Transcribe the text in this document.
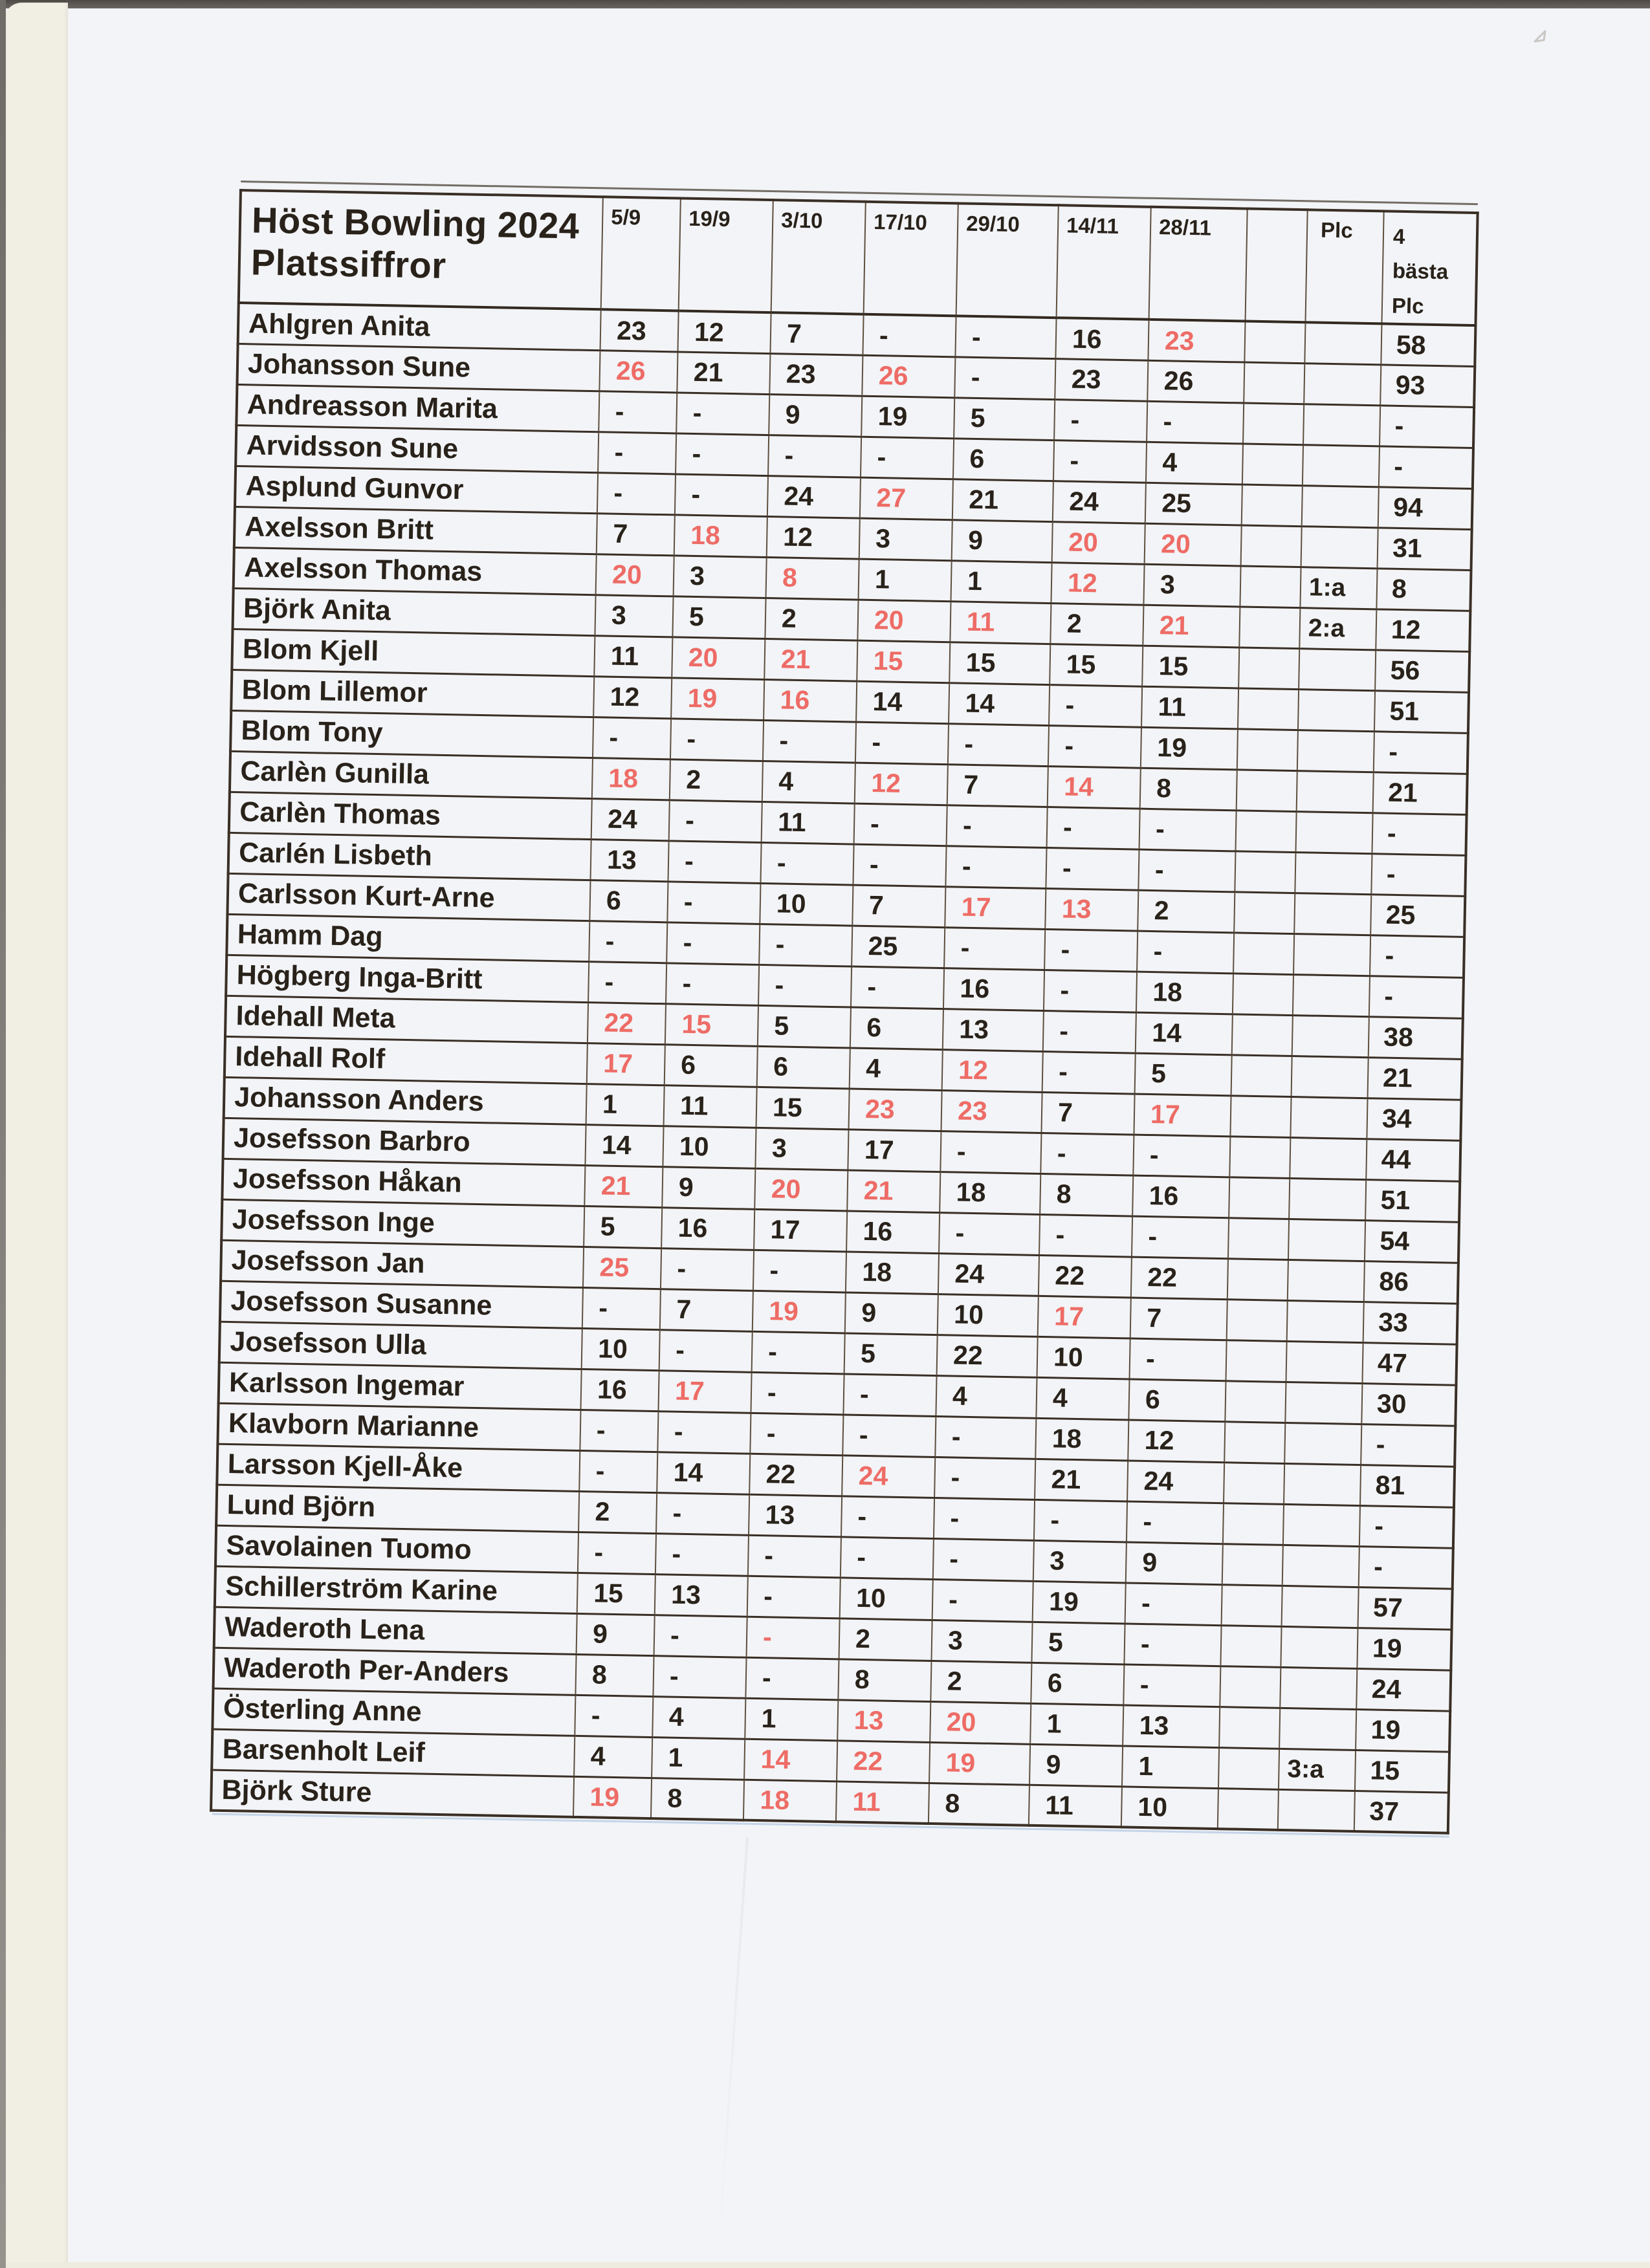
Höst Bowling 2024
Platssiffror
	5/9	19/9	3/10	17/10	29/10	14/11	28/11		Plc	4
bästa
Plc
Ahlgren Anita	23	12	7	-	-	16	23			58
Johansson Sune	26	21	23	26	-	23	26			93
Andreasson Marita	-	-	9	19	5	-	-			-
Arvidsson Sune	-	-	-	-	6	-	4			-
Asplund Gunvor	-	-	24	27	21	24	25			94
Axelsson Britt	7	18	12	3	9	20	20			31
Axelsson Thomas	20	3	8	1	1	12	3		1:a	8
Björk Anita	3	5	2	20	11	2	21		2:a	12
Blom Kjell	11	20	21	15	15	15	15			56
Blom Lillemor	12	19	16	14	14	-	11			51
Blom Tony	-	-	-	-	-	-	19			-
Carlèn Gunilla	18	2	4	12	7	14	8			21
Carlèn Thomas	24	-	11	-	-	-	-			-
Carlén Lisbeth	13	-	-	-	-	-	-			-
Carlsson Kurt-Arne	6	-	10	7	17	13	2			25
Hamm Dag	-	-	-	25	-	-	-			-
Högberg Inga-Britt	-	-	-	-	16	-	18			-
Idehall Meta	22	15	5	6	13	-	14			38
Idehall Rolf	17	6	6	4	12	-	5			21
Johansson Anders	1	11	15	23	23	7	17			34
Josefsson Barbro	14	10	3	17	-	-	-			44
Josefsson Håkan	21	9	20	21	18	8	16			51
Josefsson Inge	5	16	17	16	-	-	-			54
Josefsson Jan	25	-	-	18	24	22	22			86
Josefsson Susanne	-	7	19	9	10	17	7			33
Josefsson Ulla	10	-	-	5	22	10	-			47
Karlsson Ingemar	16	17	-	-	4	4	6			30
Klavborn Marianne	-	-	-	-	-	18	12			-
Larsson Kjell-Åke	-	14	22	24	-	21	24			81
Lund Björn	2	-	13	-	-	-	-			-
Savolainen Tuomo	-	-	-	-	-	3	9			-
Schillerström Karine	15	13	-	10	-	19	-			57
Waderoth Lena	9	-	-	2	3	5	-			19
Waderoth Per-Anders	8	-	-	8	2	6	-			24
Österling Anne	-	4	1	13	20	1	13			19
Barsenholt Leif	4	1	14	22	19	9	1		3:a	15
Björk Sture	19	8	18	11	8	11	10			37
